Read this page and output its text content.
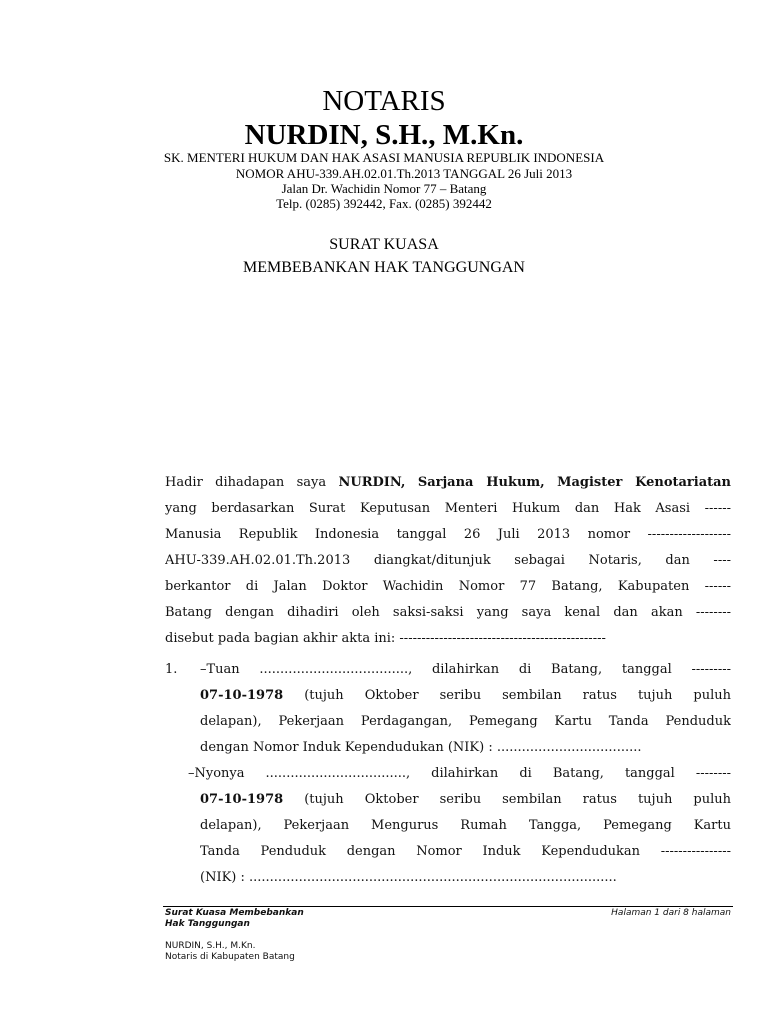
NOTARIS
NURDIN, S.H., M.Kn.
SK. MENTERI HUKUM DAN HAK ASASI MANUSIA REPUBLIK INDONESIA
NOMOR AHU-339.AH.02.01.Th.2013 TANGGAL 26 Juli 2013
Jalan Dr. Wachidin Nomor 77 – Batang
Telp. (0285) 392442, Fax. (0285) 392442
SURAT KUASA
MEMBEBANKAN HAK TANGGUNGAN
Hadir dihadapan saya NURDIN, Sarjana Hukum, Magister Kenotariatan
yang berdasarkan Surat Keputusan Menteri Hukum dan Hak Asasi ------
Manusia Republik Indonesia tanggal 26 Juli 2013 nomor -------------------
AHU-339.AH.02.01.Th.2013 diangkat/ditunjuk sebagai Notaris, dan ----
berkantor di Jalan Doktor Wachidin Nomor 77 Batang, Kabupaten ------
Batang dengan dihadiri oleh saksi-saksi yang saya kenal dan akan --------
disebut pada bagian akhir akta ini: -----------------------------------------------
1.	–Tuan ...................................., dilahirkan di Batang, tanggal ---------
07-10-1978 (tujuh Oktober seribu sembilan ratus tujuh puluh
delapan), Pekerjaan Perdagangan, Pemegang Kartu Tanda Penduduk
dengan Nomor Induk Kependudukan (NIK) : ...................................
–Nyonya .................................., dilahirkan di Batang, tanggal --------
07-10-1978 (tujuh Oktober seribu sembilan ratus tujuh puluh
delapan), Pekerjaan Mengurus Rumah Tangga, Pemegang Kartu
Tanda Penduduk dengan Nomor Induk Kependudukan ----------------
(NIK) : .........................................................................................
Surat Kuasa Membebankan
Hak Tanggungan
Halaman 1 dari 8 halaman
NURDIN, S.H., M.Kn.
Notaris di Kabupaten Batang
